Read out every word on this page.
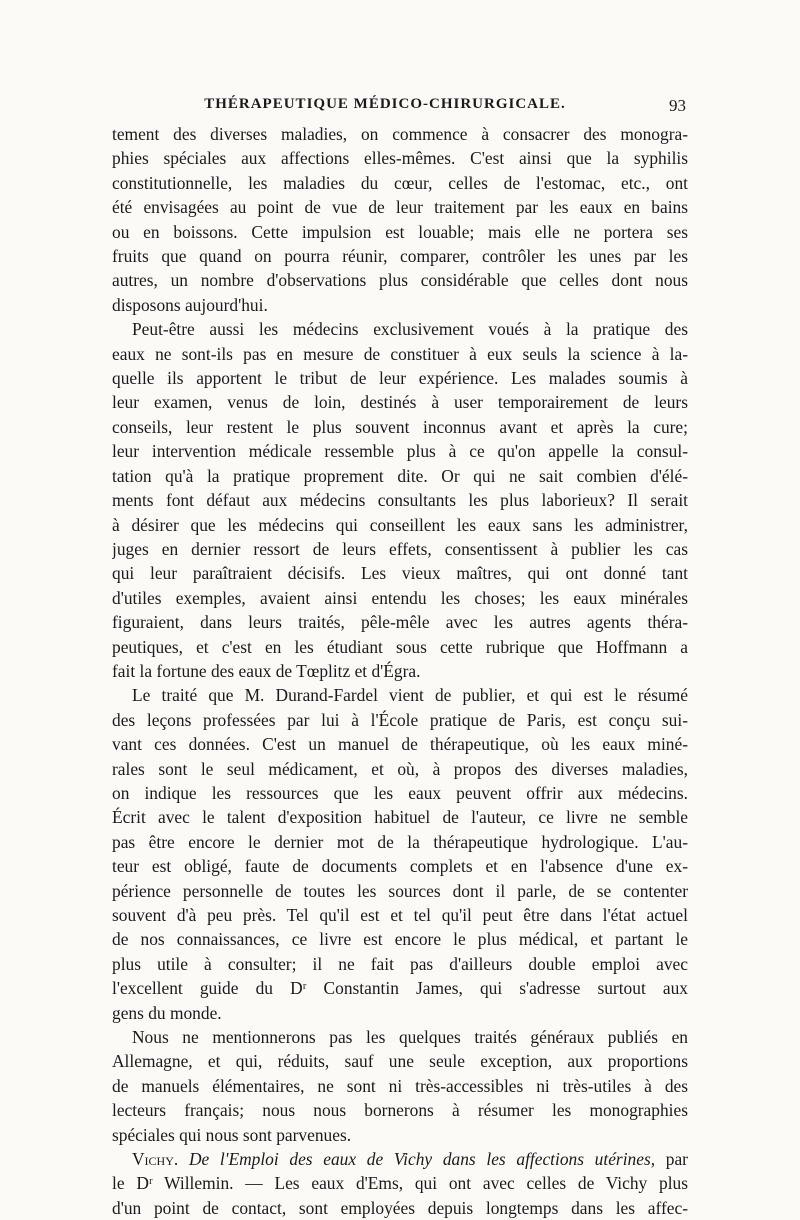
THÉRAPEUTIQUE MÉDICO-CHIRURGICALE.	93
tement des diverses maladies, on commence à consacrer des monogra-
phies spéciales aux affections elles-mêmes. C'est ainsi que la syphilis
constitutionnelle, les maladies du cœur, celles de l'estomac, etc., ont
été envisagées au point de vue de leur traitement par les eaux en bains
ou en boissons. Cette impulsion est louable; mais elle ne portera ses
fruits que quand on pourra réunir, comparer, contrôler les unes par les
autres, un nombre d'observations plus considérable que celles dont nous
disposons aujourd'hui.
Peut-être aussi les médecins exclusivement voués à la pratique des
eaux ne sont-ils pas en mesure de constituer à eux seuls la science à la-
quelle ils apportent le tribut de leur expérience. Les malades soumis à
leur examen, venus de loin, destinés à user temporairement de leurs
conseils, leur restent le plus souvent inconnus avant et après la cure;
leur intervention médicale ressemble plus à ce qu'on appelle la consul-
tation qu'à la pratique proprement dite. Or qui ne sait combien d'élé-
ments font défaut aux médecins consultants les plus laborieux? Il serait
à désirer que les médecins qui conseillent les eaux sans les administrer,
juges en dernier ressort de leurs effets, consentissent à publier les cas
qui leur paraîtraient décisifs. Les vieux maîtres, qui ont donné tant
d'utiles exemples, avaient ainsi entendu les choses; les eaux minérales
figuraient, dans leurs traités, pêle-mêle avec les autres agents théra-
peutiques, et c'est en les étudiant sous cette rubrique que Hoffmann a
fait la fortune des eaux de Tœplitz et d'Égra.
Le traité que M. Durand-Fardel vient de publier, et qui est le résumé
des leçons professées par lui à l'École pratique de Paris, est conçu sui-
vant ces données. C'est un manuel de thérapeutique, où les eaux miné-
rales sont le seul médicament, et où, à propos des diverses maladies,
on indique les ressources que les eaux peuvent offrir aux médecins.
Écrit avec le talent d'exposition habituel de l'auteur, ce livre ne semble
pas être encore le dernier mot de la thérapeutique hydrologique. L'au-
teur est obligé, faute de documents complets et en l'absence d'une ex-
périence personnelle de toutes les sources dont il parle, de se contenter
souvent d'à peu près. Tel qu'il est et tel qu'il peut être dans l'état actuel
de nos connaissances, ce livre est encore le plus médical, et partant le
plus utile à consulter; il ne fait pas d'ailleurs double emploi avec
l'excellent guide du Dʳ Constantin James, qui s'adresse surtout aux
gens du monde.
Nous ne mentionnerons pas les quelques traités généraux publiés en
Allemagne, et qui, réduits, sauf une seule exception, aux proportions
de manuels élémentaires, ne sont ni très-accessibles ni très-utiles à des
lecteurs français; nous nous bornerons à résumer les monographies
spéciales qui nous sont parvenues.
Vichy. De l'Emploi des eaux de Vichy dans les affections utérines, par
le Dʳ Willemin. — Les eaux d'Ems, qui ont avec celles de Vichy plus
d'un point de contact, sont employées depuis longtemps dans les affec-
